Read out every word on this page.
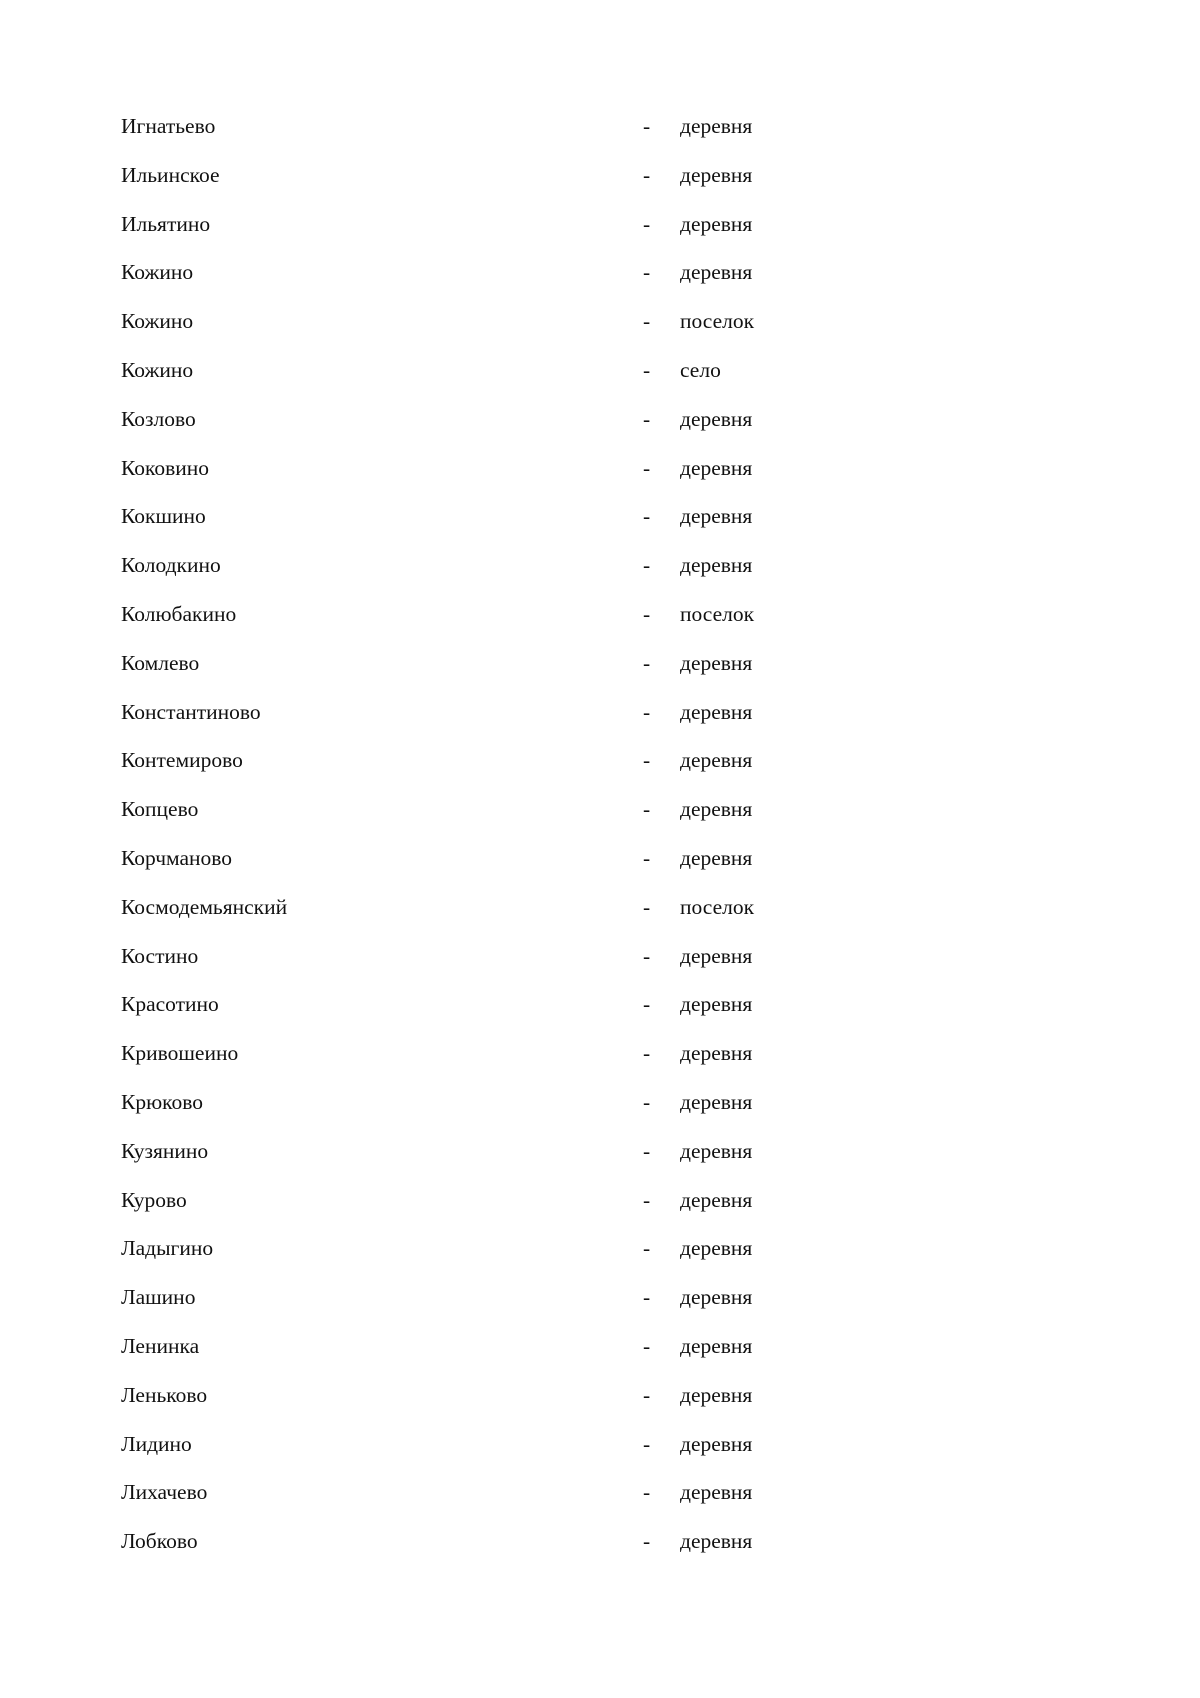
Игнатьево	- деревня
Ильинское	- деревня
Ильятино	- деревня
Кожино	- деревня
Кожино	- поселок
Кожино	- село
Козлово	- деревня
Коковино	- деревня
Кокшино	- деревня
Колодкино	- деревня
Колюбакино	- поселок
Комлево	- деревня
Константиново	- деревня
Контемирово	- деревня
Копцево	- деревня
Корчманово	- деревня
Космодемьянский	- поселок
Костино	- деревня
Красотино	- деревня
Кривошеино	- деревня
Крюково	- деревня
Кузянино	- деревня
Курово	- деревня
Ладыгино	- деревня
Лашино	- деревня
Ленинка	- деревня
Леньково	- деревня
Лидино	- деревня
Лихачево	- деревня
Лобково	- деревня
